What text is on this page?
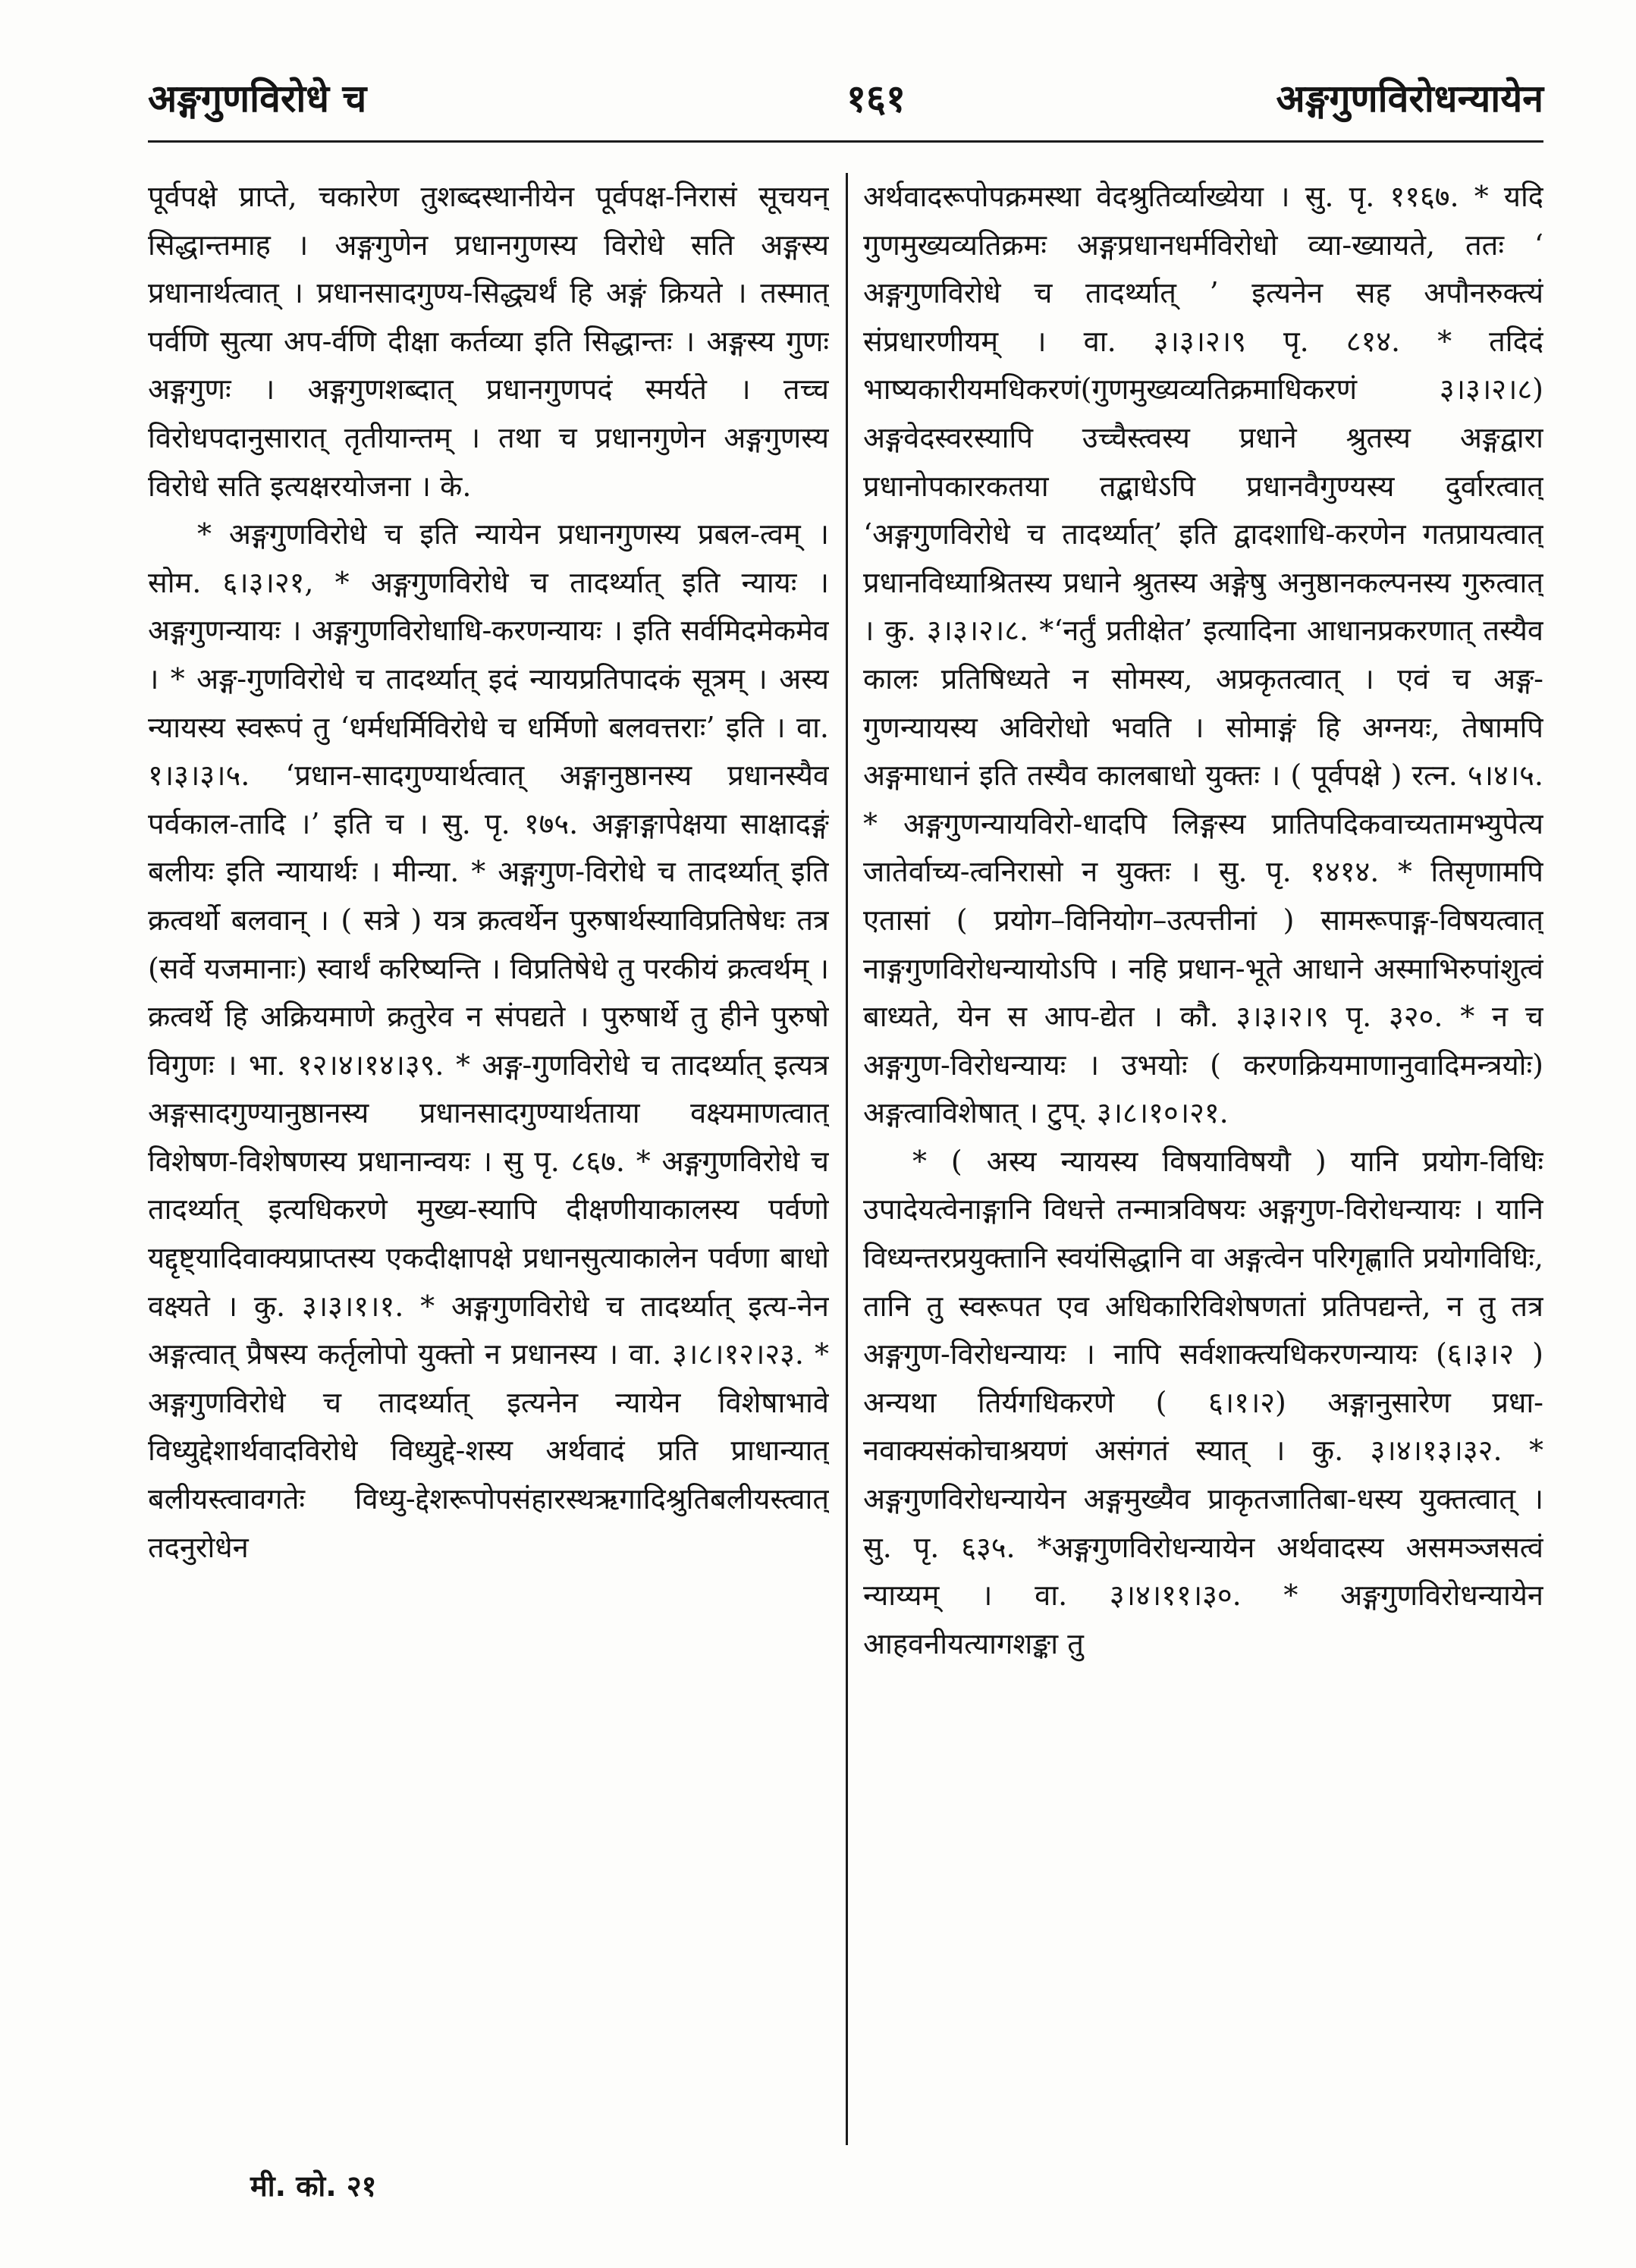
अङ्गगुणविरोधे च	१६१	अङ्गगुणविरोधन्यायेन

पूर्वपक्षे प्राप्ते, चकारेण तुशब्दस्थानीयेन पूर्वपक्ष-निरासं सूचयन् सिद्धान्तमाह । अङ्गगुणेन प्रधानगुणस्य विरोधे सति अङ्गस्य प्रधानार्थत्वात् । प्रधानसादगुण्य-सिद्ध्यर्थं हि अङ्गं क्रियते । तस्मात् पर्वणि सुत्या अप-र्वणि दीक्षा कर्तव्या इति सिद्धान्तः । अङ्गस्य गुणः अङ्गगुणः । अङ्गगुणशब्दात् प्रधानगुणपदं स्मर्यते । तच्च विरोधपदानुसारात् तृतीयान्तम् । तथा च प्रधानगुणेन अङ्गगुणस्य विरोधे सति इत्यक्षरयोजना । के.

* अङ्गगुणविरोधे च इति न्यायेन प्रधानगुणस्य प्रबल-त्वम् । सोम. ६।३।२१, * अङ्गगुणविरोधे च तादर्थ्यात् इति न्यायः । अङ्गगुणन्यायः । अङ्गगुणविरोधाधि-करणन्यायः । इति सर्वमिदमेकमेव । * अङ्ग-गुणविरोधे च तादर्थ्यात् इदं न्यायप्रतिपादकं सूत्रम् । अस्य न्यायस्य स्वरूपं तु ‘धर्मधर्मिविरोधे च धर्मिणो बलवत्तराः’ इति । वा. १।३।३।५. ‘प्रधान-सादगुण्यार्थत्वात् अङ्गानुष्ठानस्य प्रधानस्यैव पर्वकाल-तादि ।’ इति च । सु. पृ. १७५. अङ्गाङ्गापेक्षया साक्षादङ्गं बलीयः इति न्यायार्थः । मीन्या. * अङ्गगुण-विरोधे च तादर्थ्यात् इति क्रत्वर्थो बलवान् । ( सत्रे ) यत्र क्रत्वर्थेन पुरुषार्थस्याविप्रतिषेधः तत्र (सर्वे यजमानाः) स्वार्थं करिष्यन्ति । विप्रतिषेधे तु परकीयं क्रत्वर्थम् । क्रत्वर्थे हि अक्रियमाणे क्रतुरेव न संपद्यते । पुरुषार्थे तु हीने पुरुषो विगुणः । भा. १२।४।१४।३९. * अङ्ग-गुणविरोधे च तादर्थ्यात् इत्यत्र अङ्गसादगुण्यानुष्ठानस्य प्रधानसादगुण्यार्थताया वक्ष्यमाणत्वात् विशेषण-विशेषणस्य प्रधानान्वयः । सु पृ. ८६७. * अङ्गगुणविरोधे च तादर्थ्यात् इत्यधिकरणे मुख्य-स्यापि दीक्षणीयाकालस्य पर्वणो यद्दृष्ट्यादिवाक्यप्राप्तस्य एकदीक्षापक्षे प्रधानसुत्याकालेन पर्वणा बाधो वक्ष्यते । कु. ३।३।१।१. * अङ्गगुणविरोधे च तादर्थ्यात् इत्य-नेन अङ्गत्वात् प्रैषस्य कर्तृलोपो युक्तो न प्रधानस्य । वा. ३।८।१२।२३. * अङ्गगुणविरोधे च तादर्थ्यात् इत्यनेन न्यायेन विशेषाभावे विध्युद्देशार्थवादविरोधे विध्युद्दे-शस्य अर्थवादं प्रति प्राधान्यात् बलीयस्त्वावगतेः विध्यु-द्देशरूपोपसंहारस्थऋगादिश्रुतिबलीयस्त्वात् तदनुरोधेन

अर्थवादरूपोपक्रमस्था वेदश्रुतिर्व्याख्येया । सु. पृ. ११६७. * यदि गुणमुख्यव्यतिक्रमः अङ्गप्रधानधर्मविरोधो व्या-ख्यायते, ततः ‘ अङ्गगुणविरोधे च तादर्थ्यात् ’ इत्यनेन सह अपौनरुक्त्यं संप्रधारणीयम् । वा. ३।३।२।९ पृ. ८१४. * तदिदं भाष्यकारीयमधिकरणं(गुणमुख्यव्यतिक्रमाधिकरणं ३।३।२।८) अङ्गवेदस्वरस्यापि उच्चैस्त्वस्य प्रधाने श्रुतस्य अङ्गद्वारा प्रधानोपकारकतया तद्बाधेऽपि प्रधानवैगुण्यस्य दुर्वारत्वात् ‘अङ्गगुणविरोधे च तादर्थ्यात्’ इति द्वादशाधि-करणेन गतप्रायत्वात् प्रधानविध्याश्रितस्य प्रधाने श्रुतस्य अङ्गेषु अनुष्ठानकल्पनस्य गुरुत्वात् । कु. ३।३।२।८. *‘नर्तुं प्रतीक्षेत’ इत्यादिना आधानप्रकरणात् तस्यैव कालः प्रतिषिध्यते न सोमस्य, अप्रकृतत्वात् । एवं च अङ्ग-गुणन्यायस्य अविरोधो भवति । सोमाङ्गं हि अग्नयः, तेषामपि अङ्गमाधानं इति तस्यैव कालबाधो युक्तः । ( पूर्वपक्षे ) रत्न. ५।४।५. * अङ्गगुणन्यायविरो-धादपि लिङ्गस्य प्रातिपदिकवाच्यतामभ्युपेत्य जातेर्वाच्य-त्वनिरासो न युक्तः । सु. पृ. १४१४. * तिसृणामपि एतासां ( प्रयोग–विनियोग–उत्पत्तीनां ) सामरूपाङ्ग-विषयत्वात् नाङ्गगुणविरोधन्यायोऽपि । नहि प्रधान-भूते आधाने अस्माभिरुपांशुत्वं बाध्यते, येन स आप-द्येत । कौ. ३।३।२।९ पृ. ३२०. * न च अङ्गगुण-विरोधन्यायः । उभयोः ( करणक्रियमाणानुवादिमन्त्रयोः) अङ्गत्वाविशेषात् । टुप्. ३।८।१०।२१.

* ( अस्य न्यायस्य विषयाविषयौ ) यानि प्रयोग-विधिः उपादेयत्वेनाङ्गानि विधत्ते तन्मात्रविषयः अङ्गगुण-विरोधन्यायः । यानि विध्यन्तरप्रयुक्तानि स्वयंसिद्धानि वा अङ्गत्वेन परिगृह्णाति प्रयोगविधिः, तानि तु स्वरूपत एव अधिकारिविशेषणतां प्रतिपद्यन्ते, न तु तत्र अङ्गगुण-विरोधन्यायः । नापि सर्वशाक्त्यधिकरणन्यायः (६।३।२ ) अन्यथा तिर्यगधिकरणे ( ६।१।२) अङ्गानुसारेण प्रधा-नवाक्यसंकोचाश्रयणं असंगतं स्यात् । कु. ३।४।१३।३२. * अङ्गगुणविरोधन्यायेन अङ्गमुख्यैव प्राकृतजातिबा-धस्य युक्तत्वात् । सु. पृ. ६३५. *अङ्गगुणविरोधन्यायेन अर्थवादस्य असमञ्जसत्वं न्याय्यम् । वा. ३।४।११।३०. * अङ्गगुणविरोधन्यायेन आहवनीयत्यागशङ्का तु

मी. को. २१
